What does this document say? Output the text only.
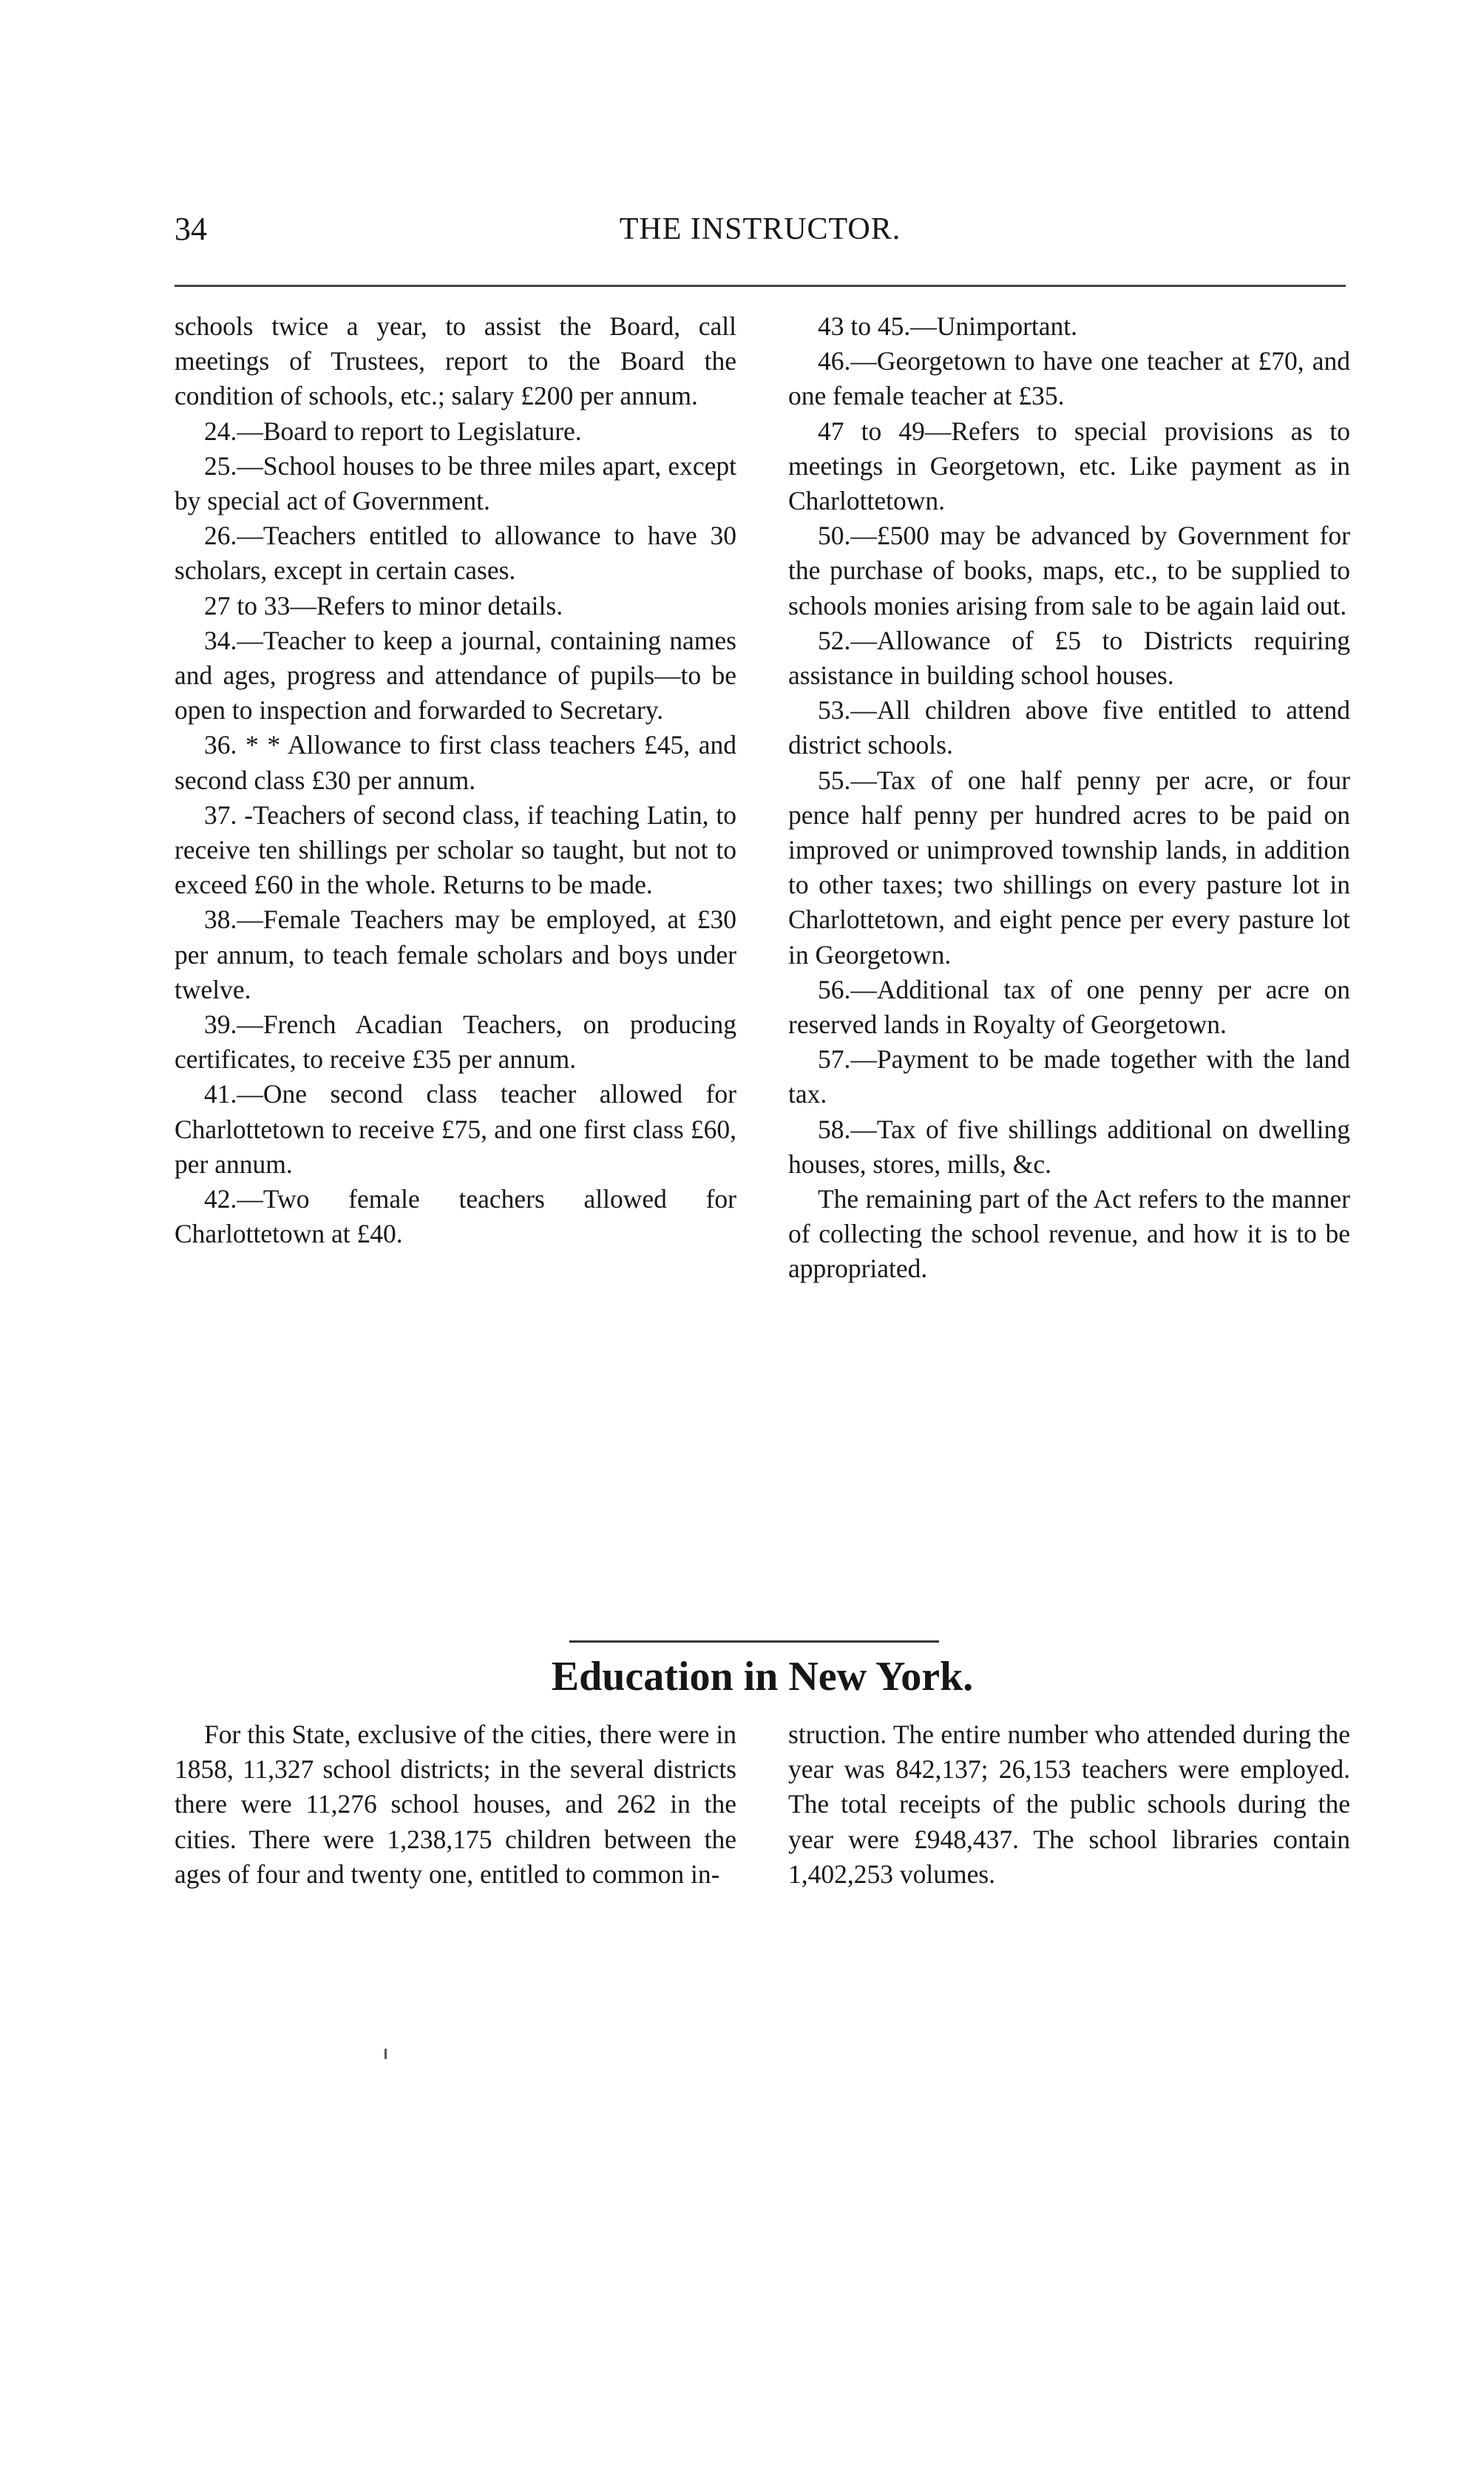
34	THE INSTRUCTOR.

schools twice a year, to assist the Board, call meetings of Trustees, report to the Board the condition of schools, etc.; salary £200 per annum.

24.—Board to report to Legislature.

25.—School houses to be three miles apart, except by special act of Government.

26.—Teachers entitled to allowance to have 30 scholars, except in certain cases.

27 to 33—Refers to minor details.

34.—Teacher to keep a journal, containing names and ages, progress and attendance of pupils—to be open to inspection and forwarded to Secretary.

36. * * Allowance to first class teachers £45, and second class £30 per annum.

37. -Teachers of second class, if teaching Latin, to receive ten shillings per scholar so taught, but not to exceed £60 in the whole. Returns to be made.

38.—Female Teachers may be employed, at £30 per annum, to teach female scholars and boys under twelve.

39.—French Acadian Teachers, on producing certificates, to receive £35 per annum.

41.—One second class teacher allowed for Charlottetown to receive £75, and one first class £60, per annum.

42.—Two female teachers allowed for Charlottetown at £40.

43 to 45.—Unimportant.

46.—Georgetown to have one teacher at £70, and one female teacher at £35.

47 to 49—Refers to special provisions as to meetings in Georgetown, etc. Like payment as in Charlottetown.

50.—£500 may be advanced by Government for the purchase of books, maps, etc., to be supplied to schools monies arising from sale to be again laid out.

52.—Allowance of £5 to Districts requiring assistance in building school houses.

53.—All children above five entitled to attend district schools.

55.—Tax of one half penny per acre, or four pence half penny per hundred acres to be paid on improved or unimproved township lands, in addition to other taxes; two shillings on every pasture lot in Charlottetown, and eight pence per every pasture lot in Georgetown.

56.—Additional tax of one penny per acre on reserved lands in Royalty of Georgetown.

57.—Payment to be made together with the land tax.

58.—Tax of five shillings additional on dwelling houses, stores, mills, &c.

The remaining part of the Act refers to the manner of collecting the school revenue, and how it is to be appropriated.

Education in New York.

For this State, exclusive of the cities, there were in 1858, 11,327 school districts; in the several districts there were 11,276 school houses, and 262 in the cities. There were 1,238,175 children between the ages of four and twenty one, entitled to common in-

struction. The entire number who attended during the year was 842,137; 26,153 teachers were employed. The total receipts of the public schools during the year were £948,437. The school libraries contain 1,402,253 volumes.
